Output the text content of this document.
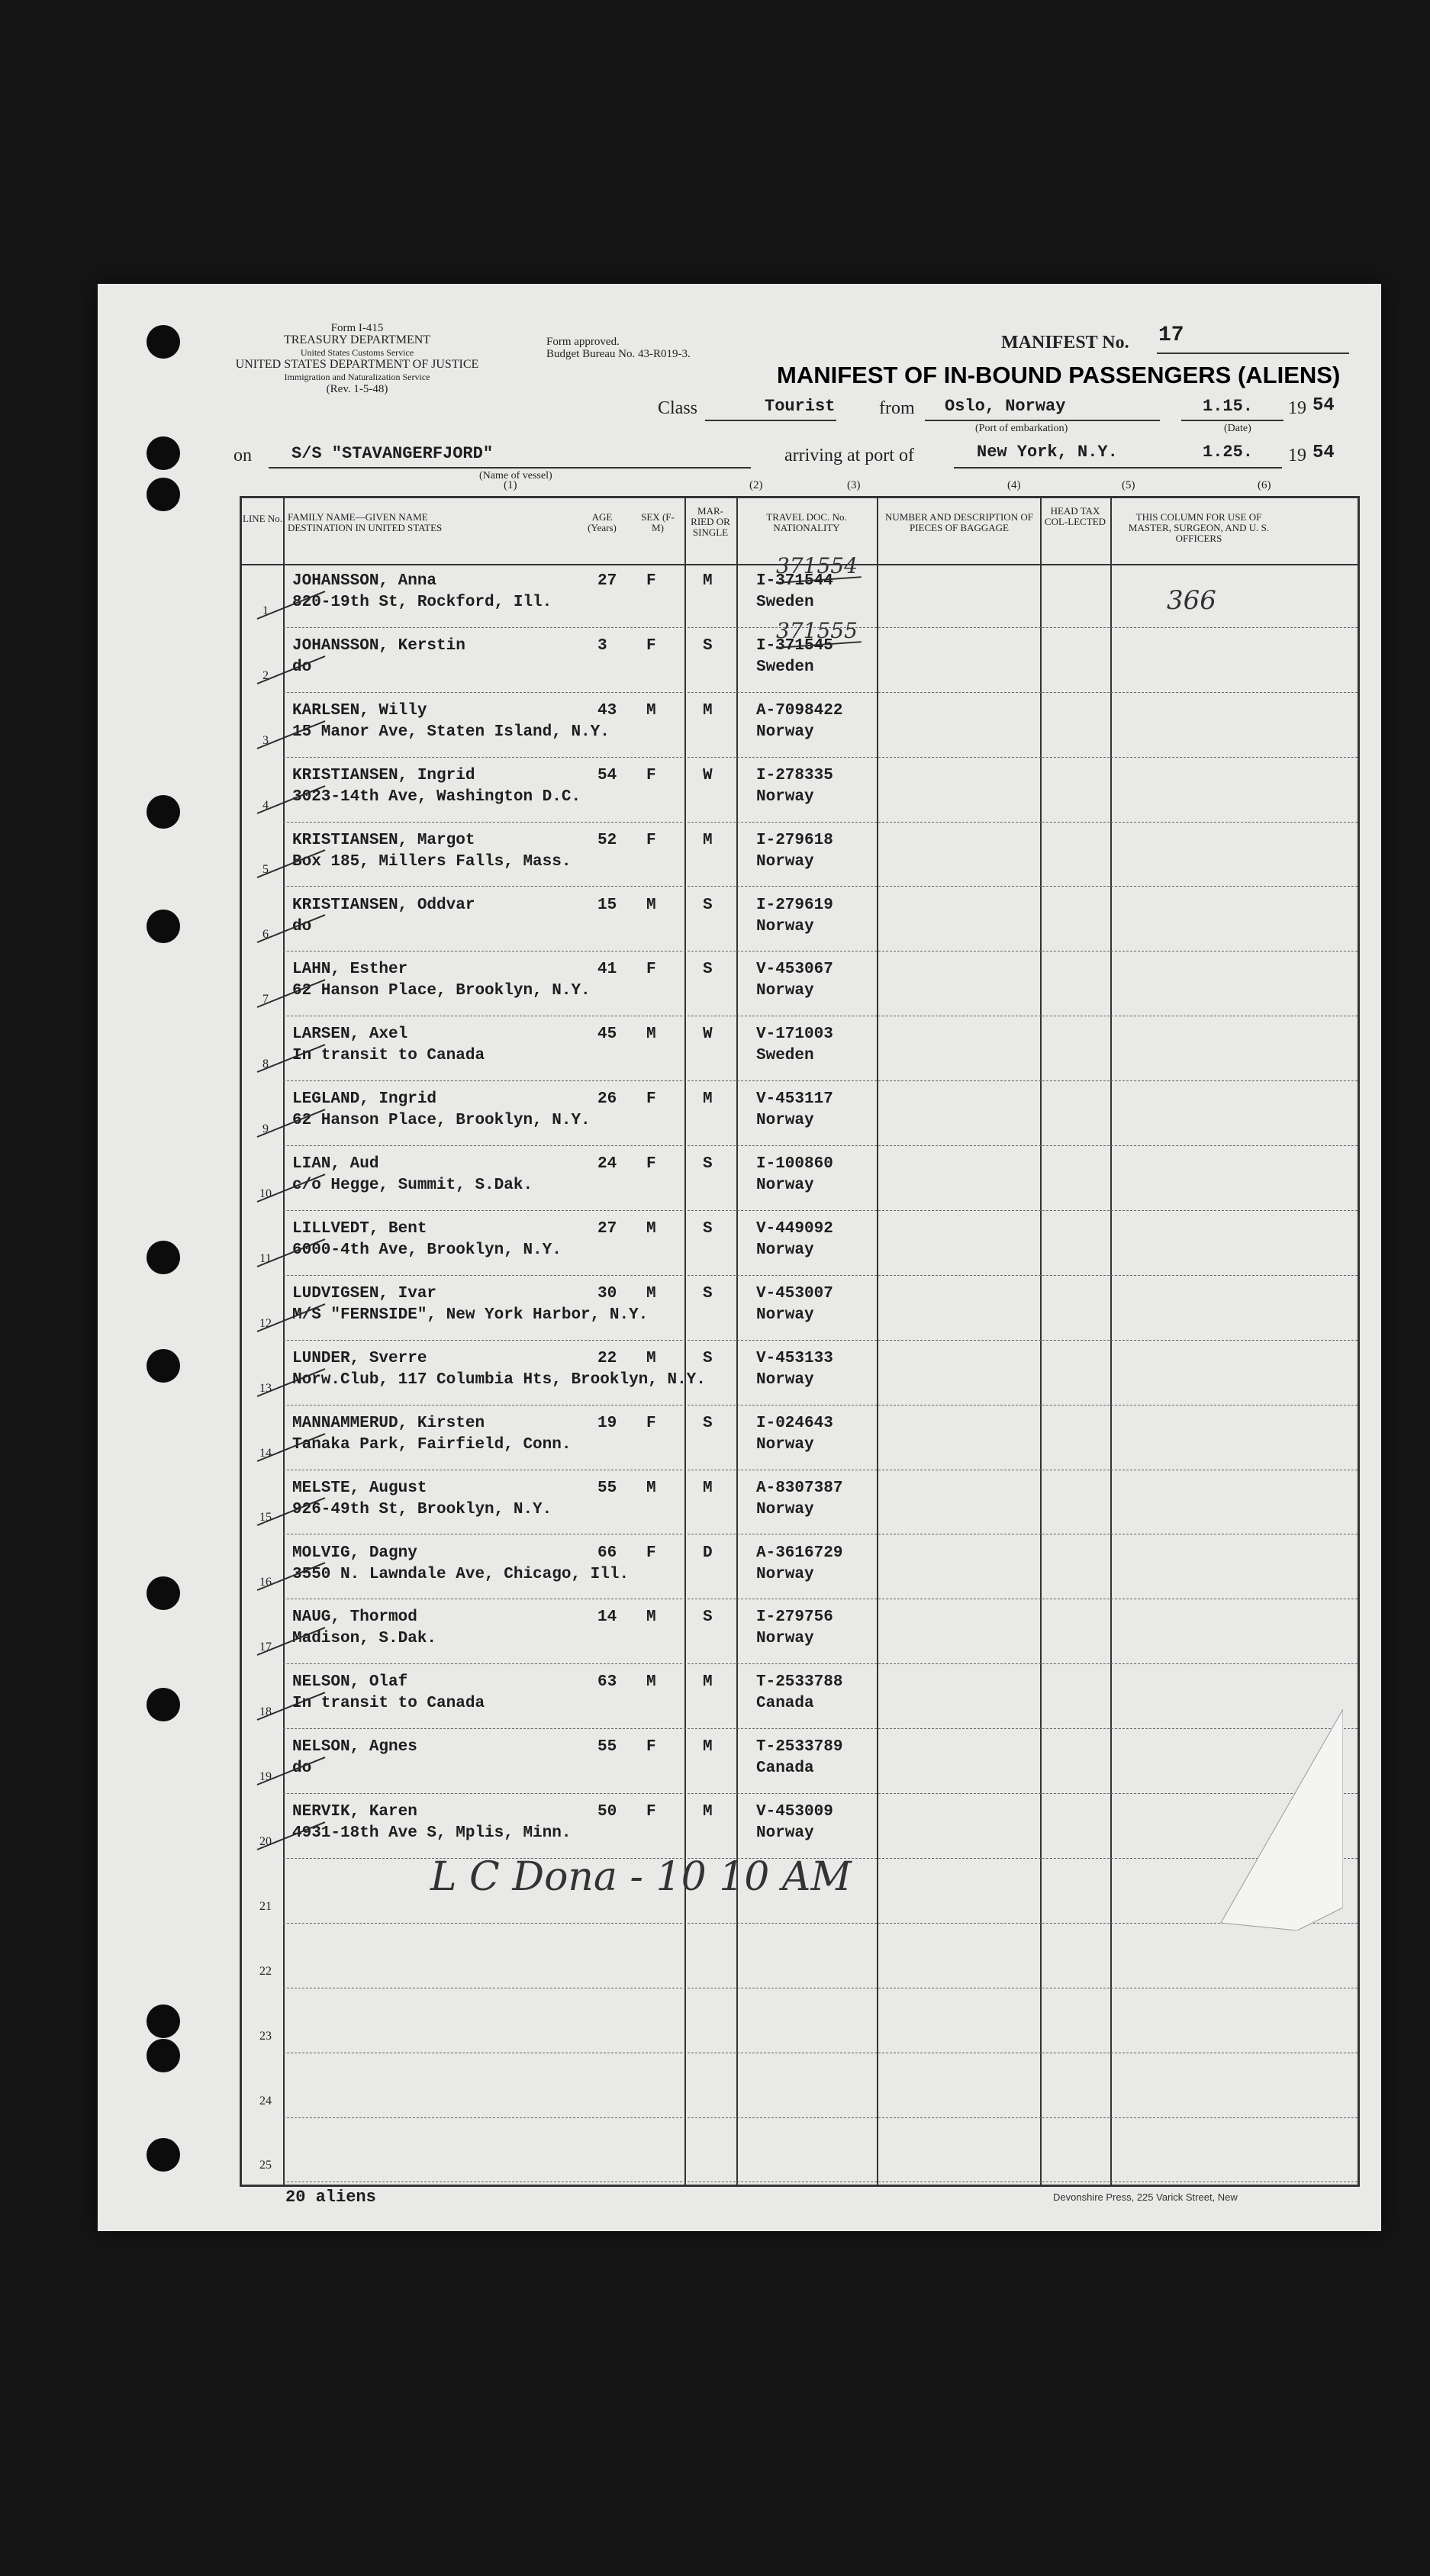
Form I-415
TREASURY DEPARTMENT
United States Customs Service
UNITED STATES DEPARTMENT OF JUSTICE
Immigration and Naturalization Service
(Rev. 1-5-48)
Form approved.
Budget Bureau No. 43-R019-3.
MANIFEST No. 17
MANIFEST OF IN-BOUND PASSENGERS (ALIENS)
Class	Tourist from Oslo, Norway
(Port of embarkation)
1.15.
(Date)
19 54
on S/S "STAVANGERFJORD"
(Name of vessel)
arriving at port of	New York, N.Y.	1.25. 19 54
(1)	(2)	(3)	(4)	(5)	(6)
LINE No. FAMILY NAME—GIVEN NAME
DESTINATION IN UNITED STATES
AGE (Years)
SEX (F-M)
MAR-RIED OR SINGLE
TRAVEL DOC. No.
NATIONALITY
NUMBER AND DESCRIPTION OF PIECES OF BAGGAGE
HEAD TAX COL-LECTED	THIS COLUMN FOR USE OF MASTER, SURGEON, AND U. S. OFFICERS
1
JOHANSSON, Anna
820-19th St, Rockford, Ill.
27 F	M	I-371544
Sweden
371554
366
2
JOHANSSON, Kerstin
do
3 F	S	I-371545
Sweden
371555
3
KARLSEN, Willy
15 Manor Ave, Staten Island, N.Y.
43 M	M	A-7098422
Norway
4
KRISTIANSEN, Ingrid
3023-14th Ave, Washington D.C.
54 F	W	I-278335
Norway
5
KRISTIANSEN, Margot
Box 185, Millers Falls, Mass.
52 F	M	I-279618
Norway
6
KRISTIANSEN, Oddvar
do
15 M	S	I-279619
Norway
7
LAHN, Esther
62 Hanson Place, Brooklyn, N.Y.
41 F	S	V-453067
Norway
8
LARSEN, Axel
In transit to Canada
45 M	W	V-171003
Sweden
9
LEGLAND, Ingrid
62 Hanson Place, Brooklyn, N.Y.
26 F	M	V-453117
Norway
10
LIAN, Aud
c/o Hegge, Summit, S.Dak.
24 F	S	I-100860
Norway
11
LILLVEDT, Bent
6000-4th Ave, Brooklyn, N.Y.
27 M	S	V-449092
Norway
12
LUDVIGSEN, Ivar
M/S "FERNSIDE", New York Harbor, N.Y.
30 M	S	V-453007
Norway
13
LUNDER, Sverre
Norw.Club, 117 Columbia Hts, Brooklyn, N.Y.
22 M	S	V-453133
Norway
14
MANNAMMERUD, Kirsten
Tanaka Park, Fairfield, Conn.
19 F	S	I-024643
Norway
15
MELSTE, August
926-49th St, Brooklyn, N.Y.
55 M	M	A-8307387
Norway
16
MOLVIG, Dagny
3550 N. Lawndale Ave, Chicago, Ill.
66 F	D	A-3616729
Norway
17
NAUG, Thormod
Madison, S.Dak.
14 M	S	I-279756
Norway
18
NELSON, Olaf
In transit to Canada
63 M	M	T-2533788
Canada
19
NELSON, Agnes
do
55 F	M	T-2533789
Canada
20
NERVIK, Karen
4931-18th Ave S, Mplis, Minn.
50 F	M	V-453009
Norway
21
22
23
24
25
L C Dona - 10 10 AM
20 aliens	Devonshire Press, 225 Varick Street, New
